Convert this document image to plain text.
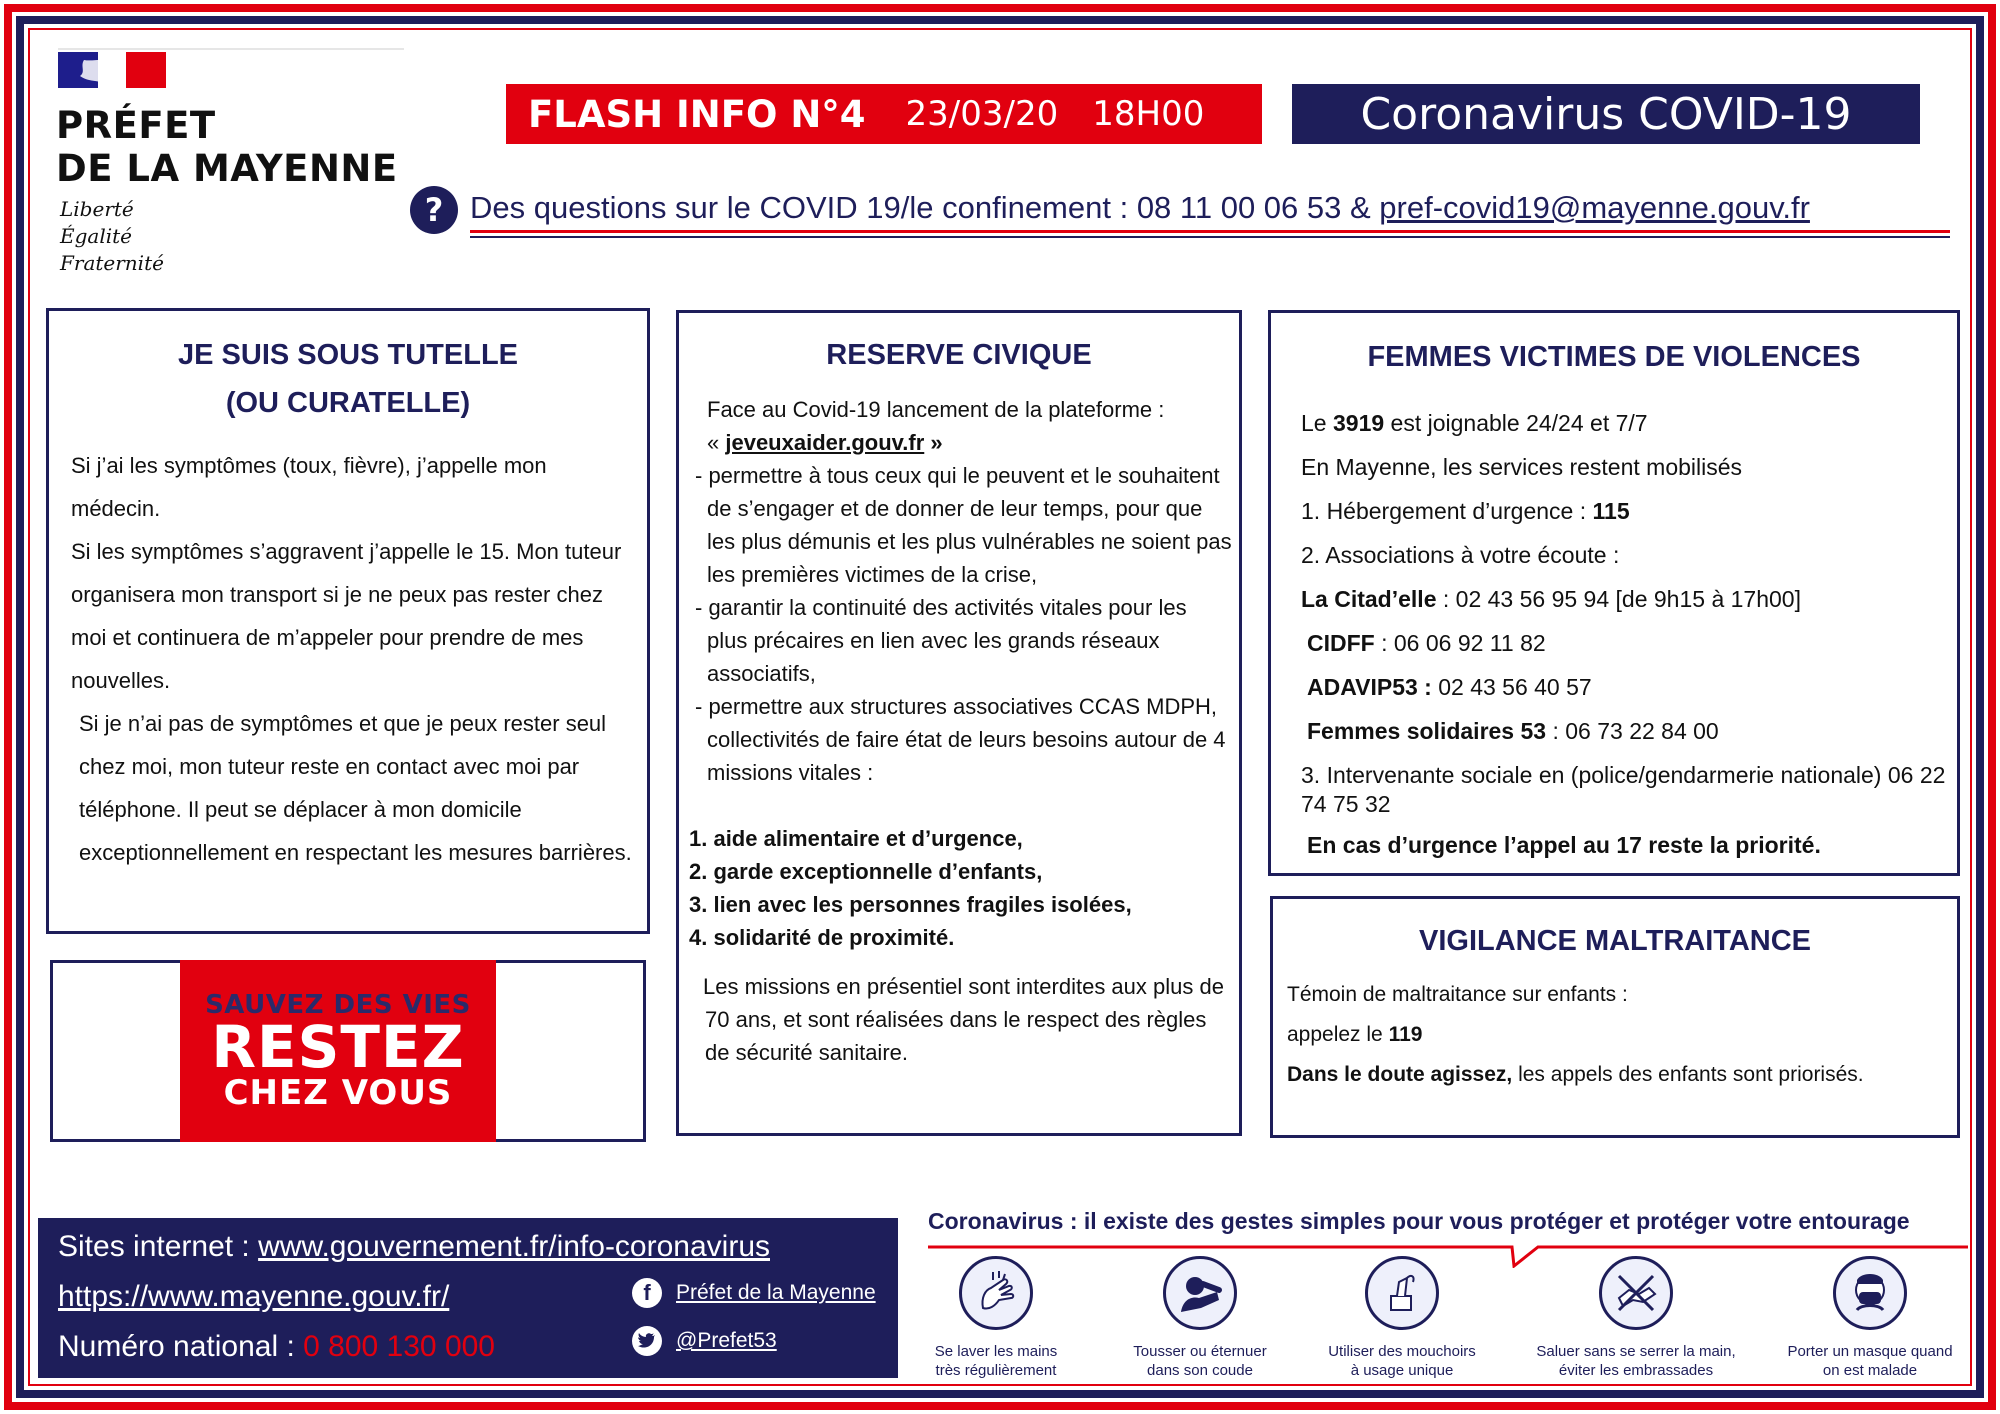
PRÉFET
DE LA MAYENNE
Liberté
Égalité
Fraternité
FLASH INFO N°4 23/03/20 18H00	Coronavirus COVID-19
? Des questions sur le COVID 19/le confinement : 08 11 00 06 53 & pref-covid19@mayenne.gouv.fr
JE SUIS SOUS TUTELLE
(OU CURATELLE)

Si j’ai les symptômes (toux, fièvre), j’appelle mon médecin.

Si les symptômes s’aggravent j’appelle le 15. Mon tuteur organisera mon transport si je ne peux pas rester chez moi et continuera de m’appeler pour prendre de mes nouvelles.

Si je n’ai pas de symptômes et que je peux rester seul chez moi, mon tuteur reste en contact avec moi par téléphone. Il peut se déplacer à mon domicile exceptionnellement en respectant les mesures barrières.

SAUVEZ DES VIES
RESTEZ
CHEZ VOUS
RESERVE CIVIQUE

Face au Covid-19 lancement de la plateforme :

« jeveuxaider.gouv.fr »

- permettre à tous ceux qui le peuvent et le souhaitent de s’engager et de donner de leur temps, pour que les plus démunis et les plus vulnérables ne soient pas les premières victimes de la crise,

- garantir la continuité des activités vitales pour les plus précaires en lien avec les grands réseaux associatifs,

- permettre aux structures associatives CCAS MDPH, collectivités de faire état de leurs besoins autour de 4 missions vitales :

1. aide alimentaire et d’urgence,

2. garde exceptionnelle d’enfants,

3. lien avec les personnes fragiles isolées,

4. solidarité de proximité.

Les missions en présentiel sont interdites aux plus de 70 ans, et sont réalisées dans le respect des règles de sécurité sanitaire.

FEMMES VICTIMES DE VIOLENCES

Le 3919 est joignable 24/24 et 7/7

En Mayenne, les services restent mobilisés

1. Hébergement d’urgence : 115

2. Associations à votre écoute :

La Citad’elle : 02 43 56 95 94 [de 9h15 à 17h00]

CIDFF : 06 06 92 11 82

ADAVIP53 : 02 43 56 40 57

Femmes solidaires 53 : 06 73 22 84 00

3. Intervenante sociale en (police/gendarmerie nationale) 06 22 74 75 32

En cas d’urgence l’appel au 17 reste la priorité.

VIGILANCE MALTRAITANCE

Témoin de maltraitance sur enfants :

appelez le 119

Dans le doute agissez, les appels des enfants sont priorisés.

Sites internet : www.gouvernement.fr/info-coronavirus
https://www.mayenne.gouv.fr/
Numéro national : 0 800 130 000
f	Préfet de la Mayenne
@Prefet53
Coronavirus : il existe des gestes simples pour vous protéger et protéger votre entourage
Se laver les mains
très régulièrement
Tousser ou éternuer
dans son coude
Utiliser des mouchoirs
à usage unique
Saluer sans se serrer la main,
éviter les embrassades
Porter un masque quand
on est malade
